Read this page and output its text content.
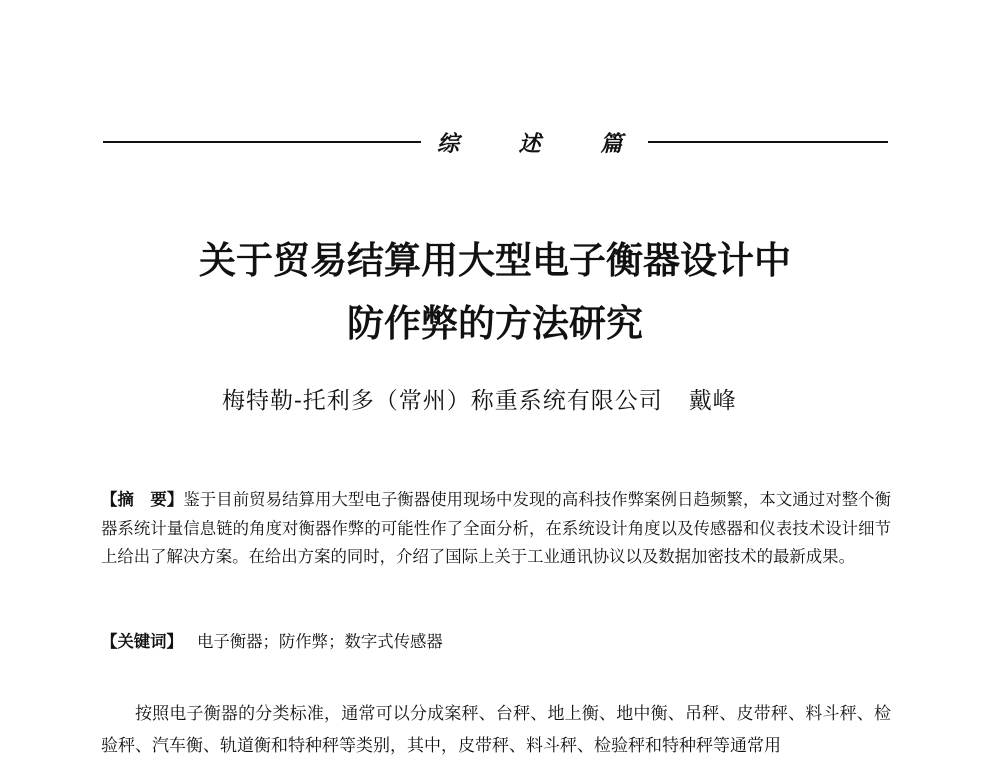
综 述 篇
关于贸易结算用大型电子衡器设计中
防作弊的方法研究
梅特勒-托利多（常州）称重系统有限公司 戴峰
【摘　要】鉴于目前贸易结算用大型电子衡器使用现场中发现的高科技作弊案例日趋频繁，本文通过对整个衡器系统计量信息链的角度对衡器作弊的可能性作了全面分析，在系统设计角度以及传感器和仪表技术设计细节上给出了解决方案。在给出方案的同时，介绍了国际上关于工业通讯协议以及数据加密技术的最新成果。
【关键词】 电子衡器；防作弊；数字式传感器
按照电子衡器的分类标准，通常可以分成案秤、台秤、地上衡、地中衡、吊秤、皮带秤、料斗秤、检验秤、汽车衡、轨道衡和特种秤等类别，其中，皮带秤、料斗秤、检验秤和特种秤等通常用
